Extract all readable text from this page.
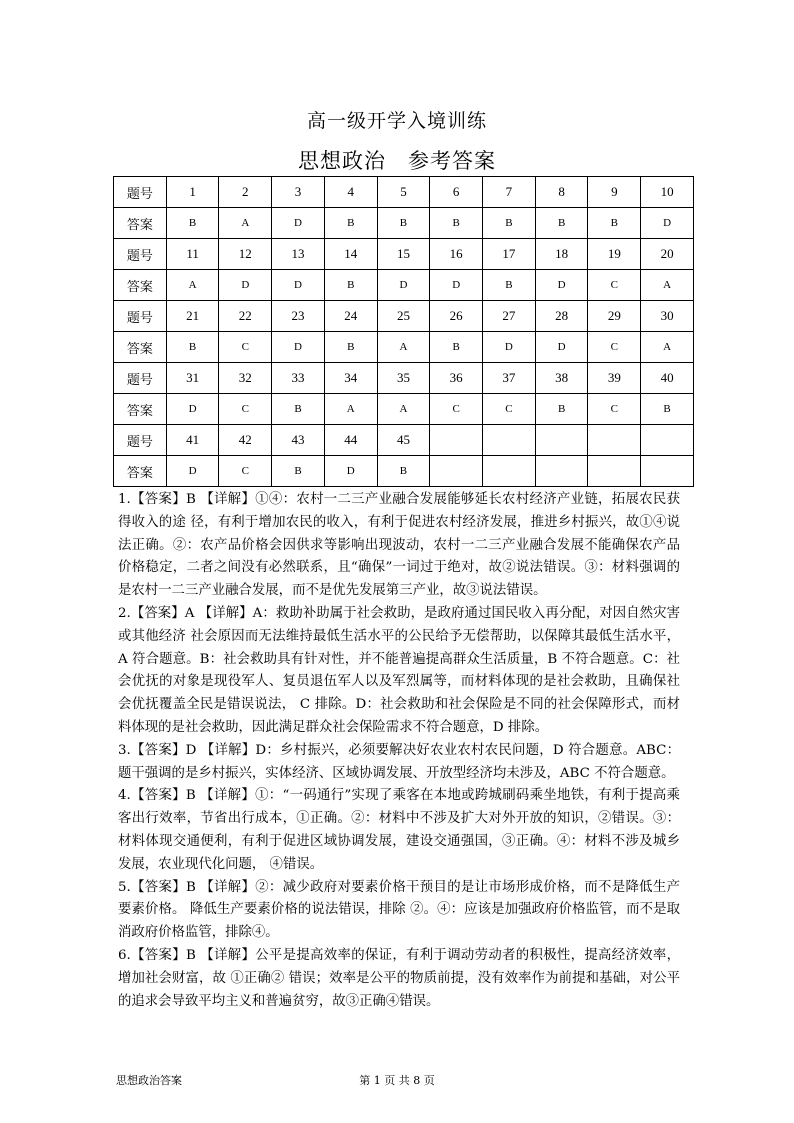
高一级开学入境训练
思想政治　参考答案
题号	1	2	3	4	5	6	7	8	9	10
答案	B	A	D	B	B	B	B	B	B	D
题号	11	12	13	14	15	16	17	18	19	20
答案	A	D	D	B	D	D	B	D	C	A
题号	21	22	23	24	25	26	27	28	29	30
答案	B	C	D	B	A	B	D	D	C	A
题号	31	32	33	34	35	36	37	38	39	40
答案	D	C	B	A	A	C	C	B	C	B
题号	41	42	43	44	45					
答案	D	C	B	D	B					

1.【答案】B 【详解】①④：农村一二三产业融合发展能够延长农村经济产业链，拓展农民获得收入的途 径，有利于增加农民的收入，有利于促进农村经济发展，推进乡村振兴，故①④说法正确。②：农产品价格会因供求等影响出现波动，农村一二三产业融合发展不能确保农产品价格稳定，二者之间没有必然联系，且“确保”一词过于绝对，故②说法错误。③：材料强调的是农村一二三产业融合发展，而不是优先发展第三产业，故③说法错误。

2.【答案】A 【详解】A：救助补助属于社会救助，是政府通过国民收入再分配，对因自然灾害或其他经济 社会原因而无法维持最低生活水平的公民给予无偿帮助，以保障其最低生活水平，A 符合题意。B：社会救助具有针对性，并不能普遍提高群众生活质量，B 不符合题意。C：社会优抚的对象是现役军人、复员退伍军人以及军烈属等，而材料体现的是社会救助，且确保社会优抚覆盖全民是错误说法， C 排除。D：社会救助和社会保险是不同的社会保障形式，而材料体现的是社会救助，因此满足群众社会保险需求不符合题意，D 排除。

3.【答案】D 【详解】D：乡村振兴，必须要解决好农业农村农民问题，D 符合题意。ABC：题干强调的是乡村振兴，实体经济、区域协调发展、开放型经济均未涉及，ABC 不符合题意。

4.【答案】B 【详解】①：“一码通行”实现了乘客在本地或跨城刷码乘坐地铁，有利于提高乘客出行效率，节省出行成本，①正确。②：材料中不涉及扩大对外开放的知识，②错误。③：材料体现交通便利，有利于促进区域协调发展，建设交通强国，③正确。④：材料不涉及城乡发展，农业现代化问题， ④错误。

5.【答案】B 【详解】②：减少政府对要素价格干预目的是让市场形成价格，而不是降低生产要素价格。 降低生产要素价格的说法错误，排除 ②。④：应该是加强政府价格监管，而不是取消政府价格监管，排除④。

6.【答案】B 【详解】公平是提高效率的保证，有利于调动劳动者的积极性，提高经济效率，增加社会财富，故 ①正确② 错误；效率是公平的物质前提，没有效率作为前提和基础，对公平的追求会导致平均主义和普遍贫穷，故③正确④错误。

思想政治答案	第 1 页 共 8 页
